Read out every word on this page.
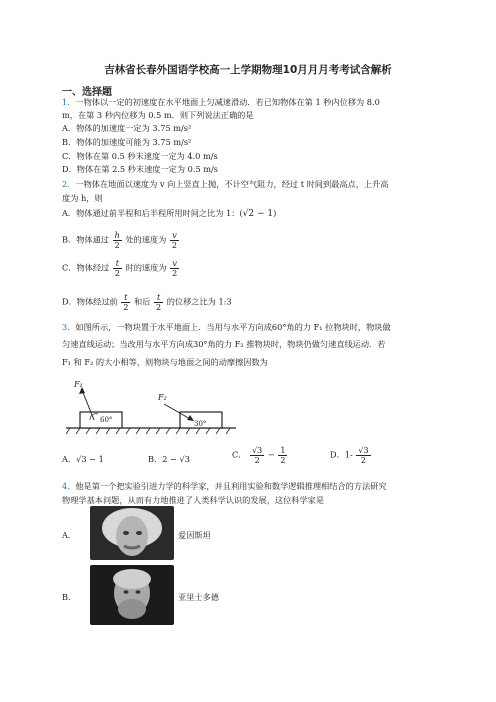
吉林省长春外国语学校高一上学期物理10月月月考考试含解析
一、选择题
1．一物体以一定的初速度在水平地面上匀减速滑动．若已知物体在第 1 秒内位移为 8.0
m，在第 3 秒内位移为 0.5 m．则下列说法正确的是
A．物体的加速度一定为 3.75 m/s²
B．物体的加速度可能为 3.75 m/s²
C．物体在第 0.5 秒末速度一定为 4.0 m/s
D．物体在第 2.5 秒末速度一定为 0.5 m/s
2．一物体在地面以速度为 v 向上竖直上抛，不计空气阻力，经过 t 时间到最高点，上升高
度为 h，则
A．物体通过前半程和后半程所用时间之比为 1：(√2 − 1)
B．物体通过 $\frac{h}{2}$ 处的速度为 $\frac{v}{2}$
C．物体经过 $\frac{t}{2}$ 时的速度为 $\frac{v}{2}$
D．物体经过前 $\frac{t}{2}$ 和后 $\frac{t}{2}$ 的位移之比为 1:3
3．如图所示，一物块置于水平地面上．当用与水平方向成60°角的力 F₁ 拉物块时，物块做
匀速直线运动；当改用与水平方向成30°角的力 F₂ 推物块时，物块仍做匀速直线运动．若
F₁ 和 F₂ 的大小相等，则物块与地面之间的动摩擦因数为
F₁
60°
F₂
30°
A．√3 − 1	B．2 − √3	C． $\frac{√3}{2} - \frac{1}{2}$	D．$1- \frac{√3}{2}$
4．他是第一个把实验引进力学的科学家，并且利用实验和数学逻辑推理相结合的方法研究
物理学基本问题，从而有力地推进了人类科学认识的发展，这位科学家是
A．	爱因斯坦
B．	亚里士多德
